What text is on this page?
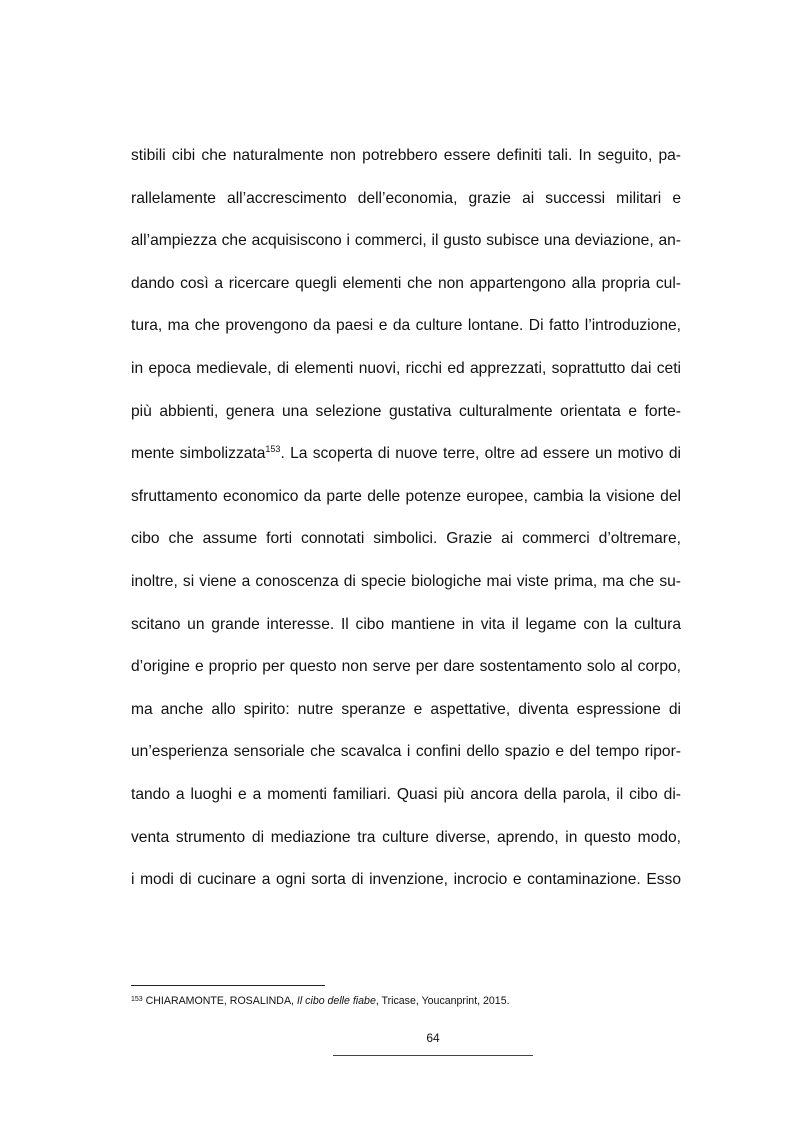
stibili cibi che naturalmente non potrebbero essere definiti tali. In seguito, pa-
rallelamente all’accrescimento dell’economia, grazie ai successi militari e
all’ampiezza che acquisiscono i commerci, il gusto subisce una deviazione, an-
dando così a ricercare quegli elementi che non appartengono alla propria cul-
tura, ma che provengono da paesi e da culture lontane. Di fatto l’introduzione,
in epoca medievale, di elementi nuovi, ricchi ed apprezzati, soprattutto dai ceti
più abbienti, genera una selezione gustativa culturalmente orientata e forte-
mente simbolizzata$^{153}$. La scoperta di nuove terre, oltre ad essere un motivo di
sfruttamento economico da parte delle potenze europee, cambia la visione del
cibo che assume forti connotati simbolici. Grazie ai commerci d’oltremare,
inoltre, si viene a conoscenza di specie biologiche mai viste prima, ma che su-
scitano un grande interesse. Il cibo mantiene in vita il legame con la cultura
d’origine e proprio per questo non serve per dare sostentamento solo al corpo,
ma anche allo spirito: nutre speranze e aspettative, diventa espressione di
un’esperienza sensoriale che scavalca i confini dello spazio e del tempo ripor-
tando a luoghi e a momenti familiari. Quasi più ancora della parola, il cibo di-
venta strumento di mediazione tra culture diverse, aprendo, in questo modo,
i modi di cucinare a ogni sorta di invenzione, incrocio e contaminazione. Esso
$^{153}$ CHIARAMONTE, ROSALINDA, Il cibo delle fiabe, Tricase, Youcanprint, 2015.
64
